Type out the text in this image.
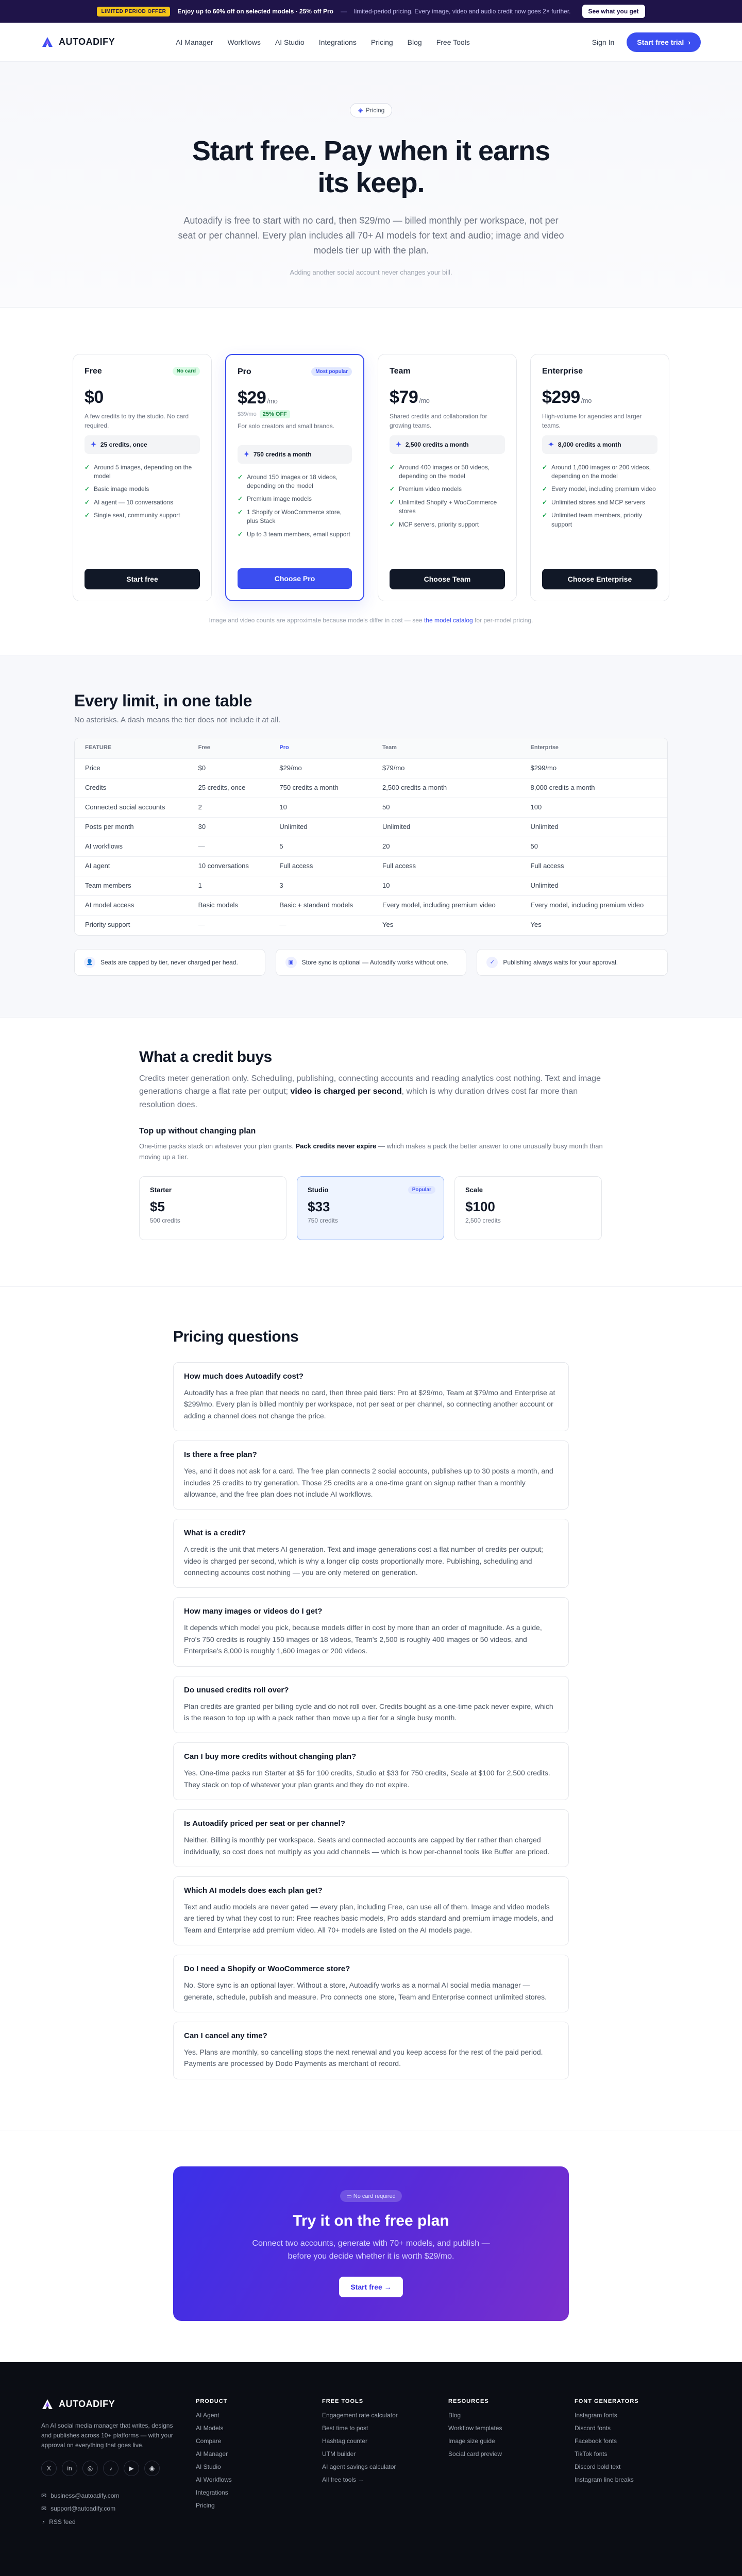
LIMITED PERIOD OFFER	Enjoy up to 60% off on selected models · 25% off Pro — limited-period pricing. Every image, video and audio credit now goes 2× further.	See what you get
AUTOADIFY	AI Manager Workflows AI Studio Integrations Pricing Blog Free Tools	Sign In	Start free trial ›
◈ Pricing
Start free. Pay when it earns its keep.

Autoadify is free to start with no card, then $29/mo — billed monthly per workspace, not per seat or per channel. Every plan includes all 70+ AI models for text and audio; image and video models tier up with the plan.

Adding another social account never changes your bill.

Free	No card
$0
A few credits to try the studio. No card required.
✦ 25 credits, once
✓ Around 5 images, depending on the model
✓ Basic image models
✓ AI agent — 10 conversations
✓ Single seat, community support
Start free
Pro	Most popular
$29 /mo
$39/mo 25% OFF
For solo creators and small brands.
✦ 750 credits a month
✓ Around 150 images or 18 videos, depending on the model
✓ Premium image models
✓ 1 Shopify or WooCommerce store, plus Stack
✓ Up to 3 team members, email support
Choose Pro
Team
$79 /mo
Shared credits and collaboration for growing teams.
✦ 2,500 credits a month
✓ Around 400 images or 50 videos, depending on the model
✓ Premium video models
✓ Unlimited Shopify + WooCommerce stores
✓ MCP servers, priority support
Choose Team
Enterprise
$299 /mo
High-volume for agencies and larger teams.
✦ 8,000 credits a month
✓ Around 1,600 images or 200 videos, depending on the model
✓ Every model, including premium video
✓ Unlimited stores and MCP servers
✓ Unlimited team members, priority support
Choose Enterprise

Image and video counts are approximate because models differ in cost — see the model catalog for per-model pricing.

Every limit, in one table

No asterisks. A dash means the tier does not include it at all.

FEATURE	Free	Pro	Team	Enterprise
Price	$0	$29/mo	$79/mo	$299/mo
Credits	25 credits, once	750 credits a month	2,500 credits a month	8,000 credits a month
Connected social accounts	2	10	50	100
Posts per month	30	Unlimited	Unlimited	Unlimited
AI workflows	—	5	20	50
AI agent	10 conversations	Full access	Full access	Full access
Team members	1	3	10	Unlimited
AI model access	Basic models	Basic + standard models	Every model, including premium video	Every model, including premium video
Priority support	—	—	Yes	Yes
👤	Seats are capped by tier, never charged per head.	▣	Store sync is optional — Autoadify works without one.	✓	Publishing always waits for your approval.
What a credit buys

Credits meter generation only. Scheduling, publishing, connecting accounts and reading analytics cost nothing. Text and image generations charge a flat rate per output; video is charged per second, which is why duration drives cost far more than resolution does.

Top up without changing plan

One-time packs stack on whatever your plan grants. Pack credits never expire — which makes a pack the better answer to one unusually busy month than moving up a tier.

Starter
$5
500 credits
Studio	Popular
$33
750 credits
Scale
$100
2,500 credits
Pricing questions
How much does Autoadify cost?
Autoadify has a free plan that needs no card, then three paid tiers: Pro at $29/mo, Team at $79/mo and Enterprise at $299/mo. Every plan is billed monthly per workspace, not per seat or per channel, so connecting another account or adding a channel does not change the price.
Is there a free plan?
Yes, and it does not ask for a card. The free plan connects 2 social accounts, publishes up to 30 posts a month, and includes 25 credits to try generation. Those 25 credits are a one-time grant on signup rather than a monthly allowance, and the free plan does not include AI workflows.
What is a credit?
A credit is the unit that meters AI generation. Text and image generations cost a flat number of credits per output; video is charged per second, which is why a longer clip costs proportionally more. Publishing, scheduling and connecting accounts cost nothing — you are only metered on generation.
How many images or videos do I get?
It depends which model you pick, because models differ in cost by more than an order of magnitude. As a guide, Pro's 750 credits is roughly 150 images or 18 videos, Team's 2,500 is roughly 400 images or 50 videos, and Enterprise's 8,000 is roughly 1,600 images or 200 videos.
Do unused credits roll over?
Plan credits are granted per billing cycle and do not roll over. Credits bought as a one-time pack never expire, which is the reason to top up with a pack rather than move up a tier for a single busy month.
Can I buy more credits without changing plan?
Yes. One-time packs run Starter at $5 for 100 credits, Studio at $33 for 750 credits, Scale at $100 for 2,500 credits. They stack on top of whatever your plan grants and they do not expire.
Is Autoadify priced per seat or per channel?
Neither. Billing is monthly per workspace. Seats and connected accounts are capped by tier rather than charged individually, so cost does not multiply as you add channels — which is how per-channel tools like Buffer are priced.
Which AI models does each plan get?
Text and audio models are never gated — every plan, including Free, can use all of them. Image and video models are tiered by what they cost to run: Free reaches basic models, Pro adds standard and premium image models, and Team and Enterprise add premium video. All 70+ models are listed on the AI models page.
Do I need a Shopify or WooCommerce store?
No. Store sync is an optional layer. Without a store, Autoadify works as a normal AI social media manager — generate, schedule, publish and measure. Pro connects one store, Team and Enterprise connect unlimited stores.
Can I cancel any time?
Yes. Plans are monthly, so cancelling stops the next renewal and you keep access for the rest of the paid period. Payments are processed by Dodo Payments as merchant of record.
▭ No card required
Try it on the free plan

Connect two accounts, generate with 70+ models, and publish — before you decide whether it is worth $29/mo.

Start free →
AUTOADIFY

An AI social media manager that writes, designs and publishes across 10+ platforms — with your approval on everything that goes live.

X	in	◎	♪	▶	◉
✉ business@autoadify.com
✉ support@autoadify.com
◔ RSS feed
PRODUCT
AI Agent
AI Models
Compare
AI Manager
AI Studio
AI Workflows
Integrations
Pricing
FREE TOOLS
Engagement rate calculator
Best time to post
Hashtag counter
UTM builder
AI agent savings calculator
All free tools →
RESOURCES
Blog
Workflow templates
Image size guide
Social card preview
FONT GENERATORS
Instagram fonts
Discord fonts
Facebook fonts
TikTok fonts
Discord bold text
Instagram line breaks
